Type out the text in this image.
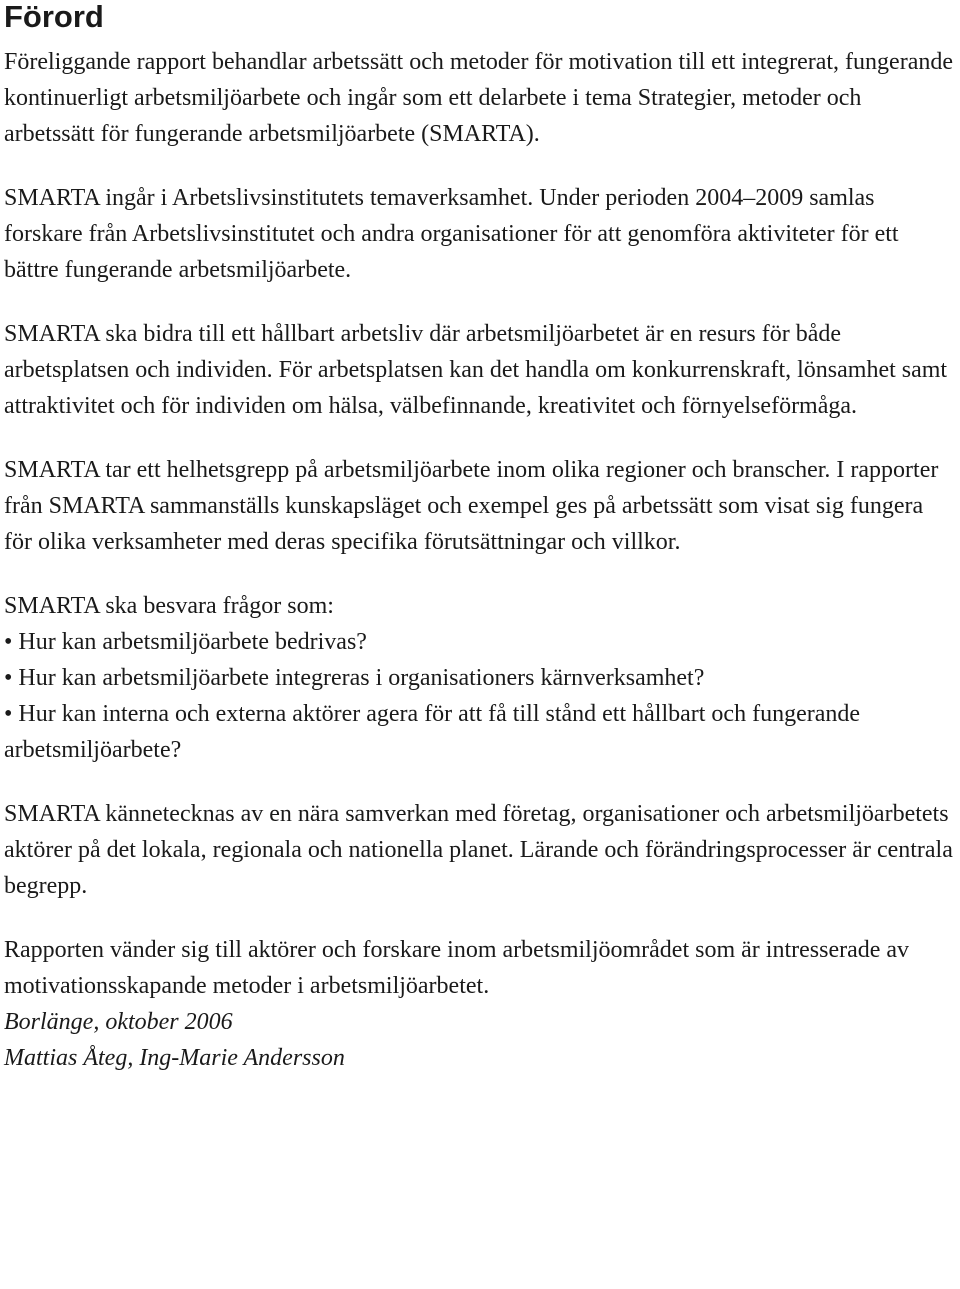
Förord

Föreliggande rapport behandlar arbetssätt och metoder för motivation till ett integrerat, fungerande kontinuerligt arbetsmiljöarbete och ingår som ett delarbete i tema Strategier, metoder och arbetssätt för fungerande arbetsmiljöarbete (SMARTA).

SMARTA ingår i Arbetslivsinstitutets temaverksamhet. Under perioden 2004–2009 samlas forskare från Arbetslivsinstitutet och andra organisationer för att genomföra aktiviteter för ett bättre fungerande arbetsmiljöarbete.

SMARTA ska bidra till ett hållbart arbetsliv där arbetsmiljöarbetet är en resurs för både arbetsplatsen och individen. För arbetsplatsen kan det handla om konkurrenskraft, lönsamhet samt attraktivitet och för individen om hälsa, välbefinnande, kreativitet och förnyelseförmåga.

SMARTA tar ett helhetsgrepp på arbetsmiljöarbete inom olika regioner och branscher. I rapporter från SMARTA sammanställs kunskapsläget och exempel ges på arbetssätt som visat sig fungera för olika verksamheter med deras specifika förutsättningar och villkor.

SMARTA ska besvara frågor som:

• Hur kan arbetsmiljöarbete bedrivas?
• Hur kan arbetsmiljöarbete integreras i organisationers kärnverksamhet?
• Hur kan interna och externa aktörer agera för att få till stånd ett hållbart och fungerande arbetsmiljöarbete?

SMARTA kännetecknas av en nära samverkan med företag, organisationer och arbetsmiljöarbetets aktörer på det lokala, regionala och nationella planet. Lärande och förändringsprocesser är centrala begrepp.

Rapporten vänder sig till aktörer och forskare inom arbetsmiljöområdet som är intresserade av motivationsskapande metoder i arbetsmiljöarbetet.

Borlänge, oktober 2006

Mattias Åteg, Ing-Marie Andersson
